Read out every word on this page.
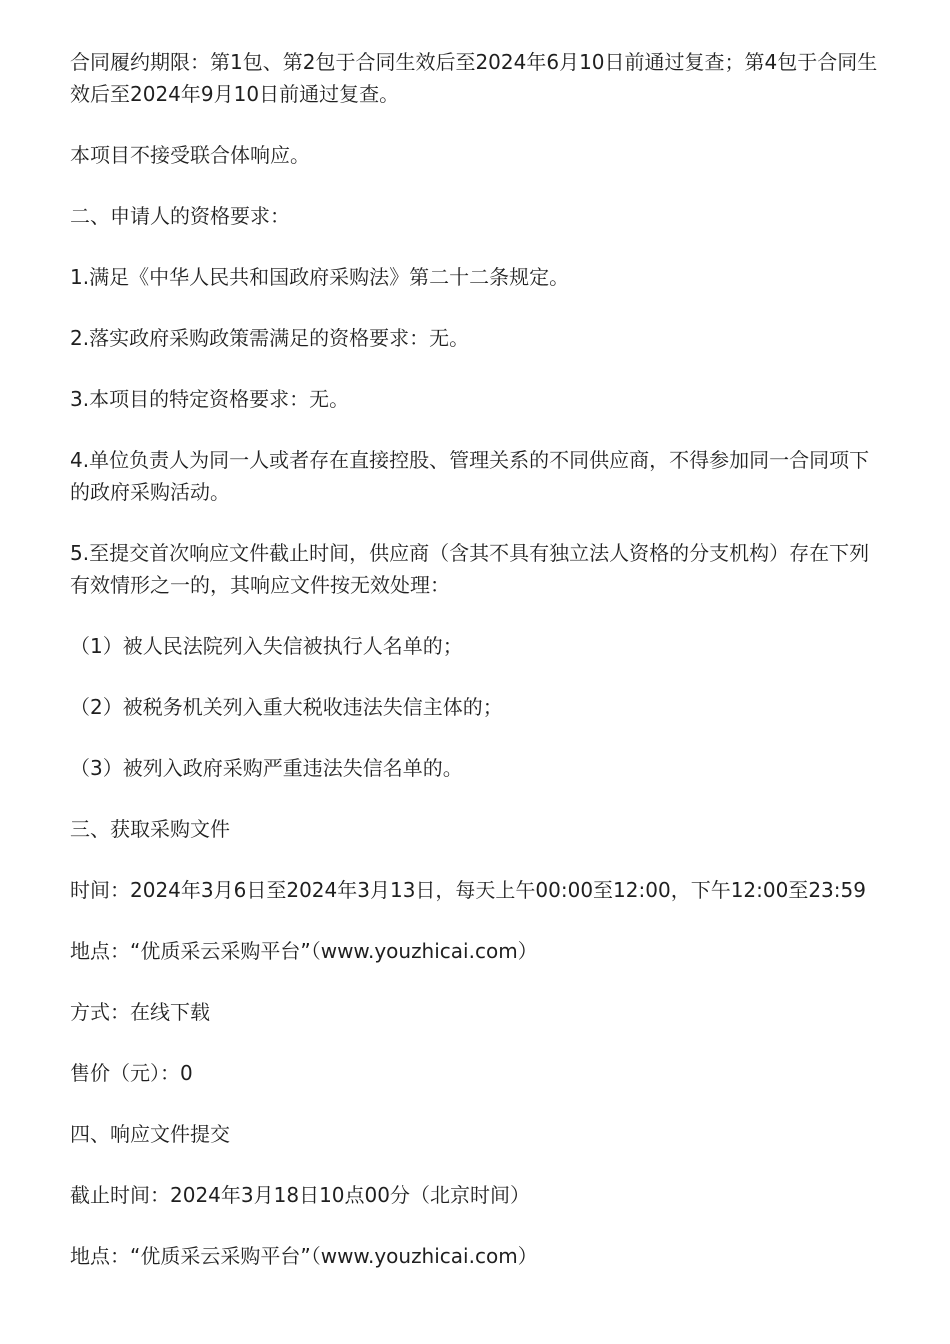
合同履约期限：第1包、第2包于合同生效后至2024年6月10日前通过复查；第4包于合同生效后至2024年9月10日前通过复查。

本项目不接受联合体响应。

二、申请人的资格要求：

1.满足《中华人民共和国政府采购法》第二十二条规定。

2.落实政府采购政策需满足的资格要求：无。

3.本项目的特定资格要求：无。

4.单位负责人为同一人或者存在直接控股、管理关系的不同供应商，不得参加同一合同项下的政府采购活动。

5.至提交首次响应文件截止时间，供应商（含其不具有独立法人资格的分支机构）存在下列有效情形之一的，其响应文件按无效处理：

（1）被人民法院列入失信被执行人名单的；

（2）被税务机关列入重大税收违法失信主体的；

（3）被列入政府采购严重违法失信名单的。

三、获取采购文件

时间：2024年3月6日至2024年3月13日，每天上午00:00至12:00，下午12:00至23:59

地点：“优质采云采购平台”（www.youzhicai.com）

方式：在线下载

售价（元）：0

四、响应文件提交

截止时间：2024年3月18日10点00分（北京时间）

地点：“优质采云采购平台”（www.youzhicai.com）
